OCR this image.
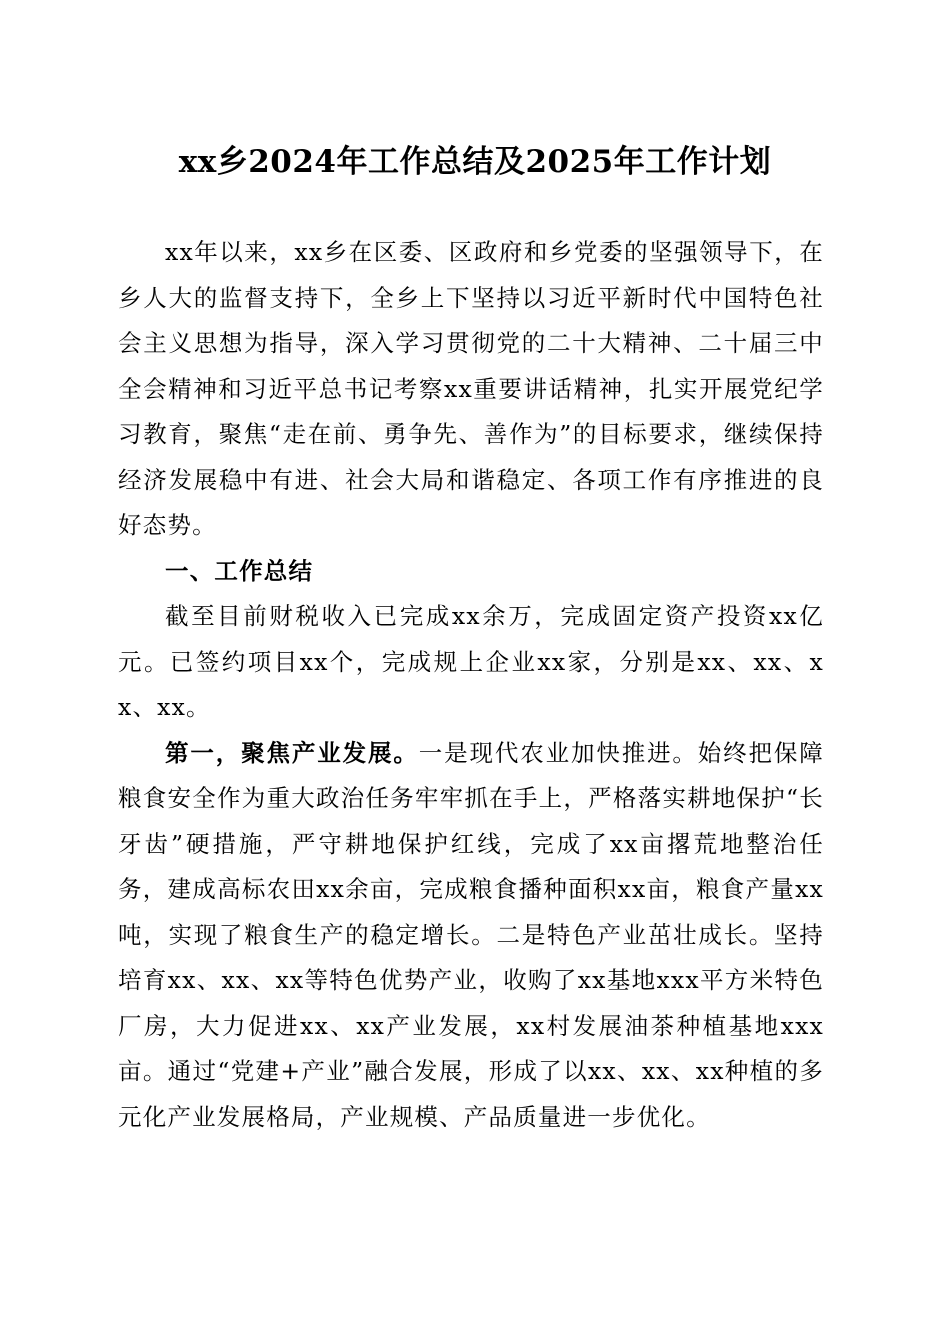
xx乡2024年工作总结及2025年工作计划

xx年以来，xx乡在区委、区政府和乡党委的坚强领导下，在乡人大的监督支持下，全乡上下坚持以习近平新时代中国特色社会主义思想为指导，深入学习贯彻党的二十大精神、二十届三中全会精神和习近平总书记考察xx重要讲话精神，扎实开展党纪学习教育，聚焦“走在前、勇争先、善作为”的目标要求，继续保持经济发展稳中有进、社会大局和谐稳定、各项工作有序推进的良好态势。

一、工作总结

截至目前财税收入已完成xx余万，完成固定资产投资xx亿元。已签约项目xx个，完成规上企业xx家，分别是xx、xx、xx、xx。

第一，聚焦产业发展。一是现代农业加快推进。始终把保障粮食安全作为重大政治任务牢牢抓在手上，严格落实耕地保护“长牙齿”硬措施，严守耕地保护红线，完成了xx亩撂荒地整治任务，建成高标农田xx余亩，完成粮食播种面积xx亩，粮食产量xx吨，实现了粮食生产的稳定增长。二是特色产业茁壮成长。坚持培育xx、xx、xx等特色优势产业，收购了xx基地xxx平方米特色厂房，大力促进xx、xx产业发展，xx村发展油茶种植基地xxx亩。通过“党建+产业”融合发展，形成了以xx、xx、xx种植的多元化产业发展格局，产业规模、产品质量进一步优化。
